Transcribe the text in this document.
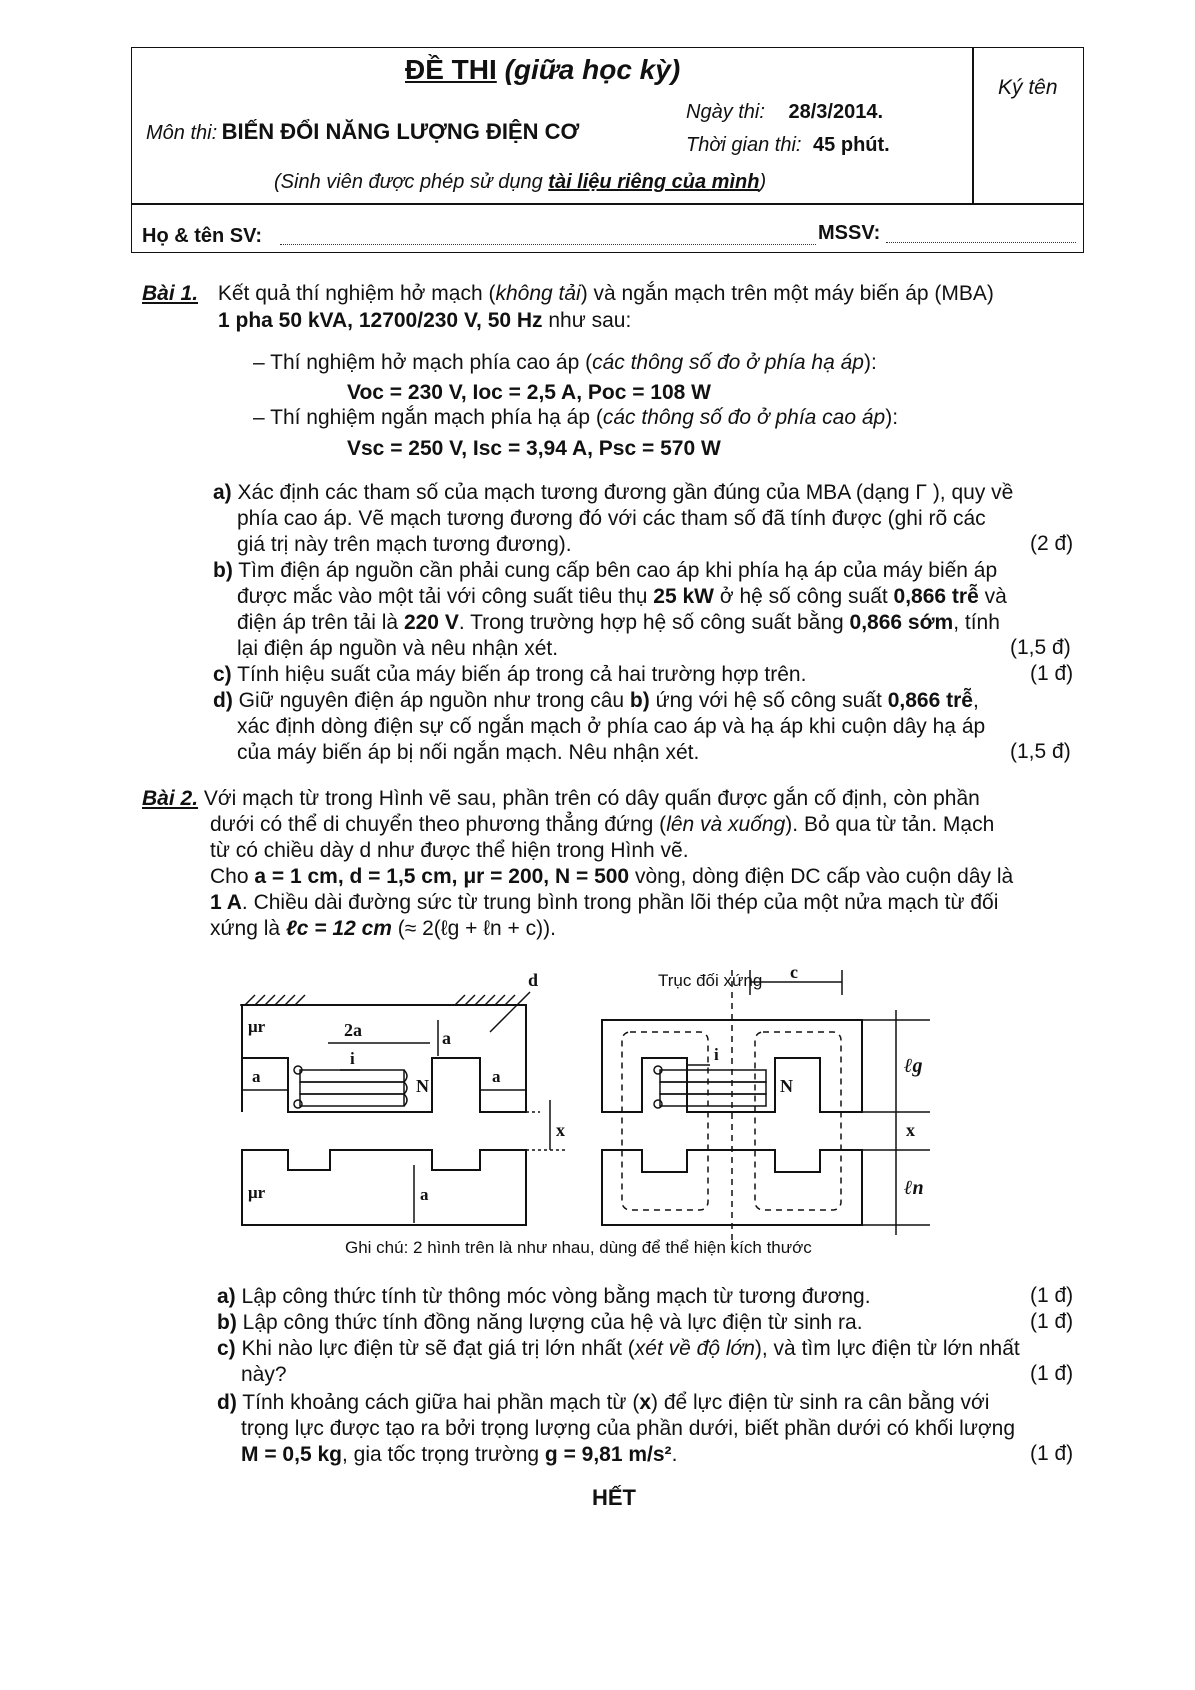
ĐỀ THI (giữa học kỳ)
Ký tên
Môn thi: BIẾN ĐỔI NĂNG LƯỢNG ĐIỆN CƠ
Ngày thi: 28/3/2014.
Thời gian thi: 45 phút.
(Sinh viên được phép sử dụng tài liệu riêng của mình)
Họ & tên SV:	MSSV:
Bài 1. Kết quả thí nghiệm hở mạch (không tải) và ngắn mạch trên một máy biến áp (MBA)
1 pha 50 kVA, 12700/230 V, 50 Hz như sau:
– Thí nghiệm hở mạch phía cao áp (các thông số đo ở phía hạ áp):
Voc = 230 V, Ioc = 2,5 A, Poc = 108 W
– Thí nghiệm ngắn mạch phía hạ áp (các thông số đo ở phía cao áp):
Vsc = 250 V, Isc = 3,94 A, Psc = 570 W
a) Xác định các tham số của mạch tương đương gần đúng của MBA (dạng Γ ), quy về
phía cao áp. Vẽ mạch tương đương đó với các tham số đã tính được (ghi rõ các
giá trị này trên mạch tương đương).	(2 đ)
b) Tìm điện áp nguồn cần phải cung cấp bên cao áp khi phía hạ áp của máy biến áp
được mắc vào một tải với công suất tiêu thụ 25 kW ở hệ số công suất 0,866 trễ và
điện áp trên tải là 220 V. Trong trường hợp hệ số công suất bằng 0,866 sớm, tính
lại điện áp nguồn và nêu nhận xét.	(1,5 đ)
c) Tính hiệu suất của máy biến áp trong cả hai trường hợp trên.	(1 đ)
d) Giữ nguyên điện áp nguồn như trong câu b) ứng với hệ số công suất 0,866 trễ,
xác định dòng điện sự cố ngắn mạch ở phía cao áp và hạ áp khi cuộn dây hạ áp
của máy biến áp bị nối ngắn mạch. Nêu nhận xét.	(1,5 đ)
Bài 2. Với mạch từ trong Hình vẽ sau, phần trên có dây quấn được gắn cố định, còn phần
dưới có thể di chuyển theo phương thẳng đứng (lên và xuống). Bỏ qua từ tản. Mạch
từ có chiều dày d như được thể hiện trong Hình vẽ.
Cho a = 1 cm, d = 1,5 cm, μr = 200, N = 500 vòng, dòng điện DC cấp vào cuộn dây là
1 A. Chiều dài đường sức từ trung bình trong phần lõi thép của một nửa mạch từ đối
xứng là ℓc = 12 cm (≈ 2(ℓg + ℓn + c)).
d
2a	a
a	a
i
N
μr
μr
x
a
c
i
N
ℓg
x
ℓn
Trục đối xứng
Ghi chú: 2 hình trên là như nhau, dùng để thể hiện kích thước
a) Lập công thức tính từ thông móc vòng bằng mạch từ tương đương.	(1 đ)
b) Lập công thức tính đồng năng lượng của hệ và lực điện từ sinh ra.	(1 đ)
c) Khi nào lực điện từ sẽ đạt giá trị lớn nhất (xét về độ lớn), và tìm lực điện từ lớn nhất
này?	(1 đ)
d) Tính khoảng cách giữa hai phần mạch từ (x) để lực điện từ sinh ra cân bằng với
trọng lực được tạo ra bởi trọng lượng của phần dưới, biết phần dưới có khối lượng
M = 0,5 kg, gia tốc trọng trường g = 9,81 m/s².	(1 đ)
HẾT
